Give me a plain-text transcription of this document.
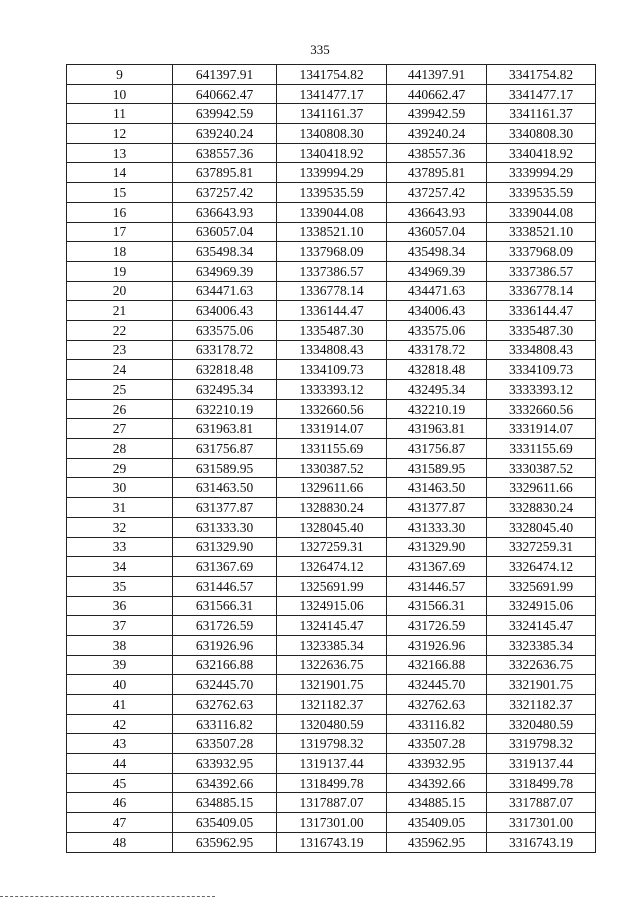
335
9	641397.91	1341754.82	441397.91	3341754.82
10	640662.47	1341477.17	440662.47	3341477.17
11	639942.59	1341161.37	439942.59	3341161.37
12	639240.24	1340808.30	439240.24	3340808.30
13	638557.36	1340418.92	438557.36	3340418.92
14	637895.81	1339994.29	437895.81	3339994.29
15	637257.42	1339535.59	437257.42	3339535.59
16	636643.93	1339044.08	436643.93	3339044.08
17	636057.04	1338521.10	436057.04	3338521.10
18	635498.34	1337968.09	435498.34	3337968.09
19	634969.39	1337386.57	434969.39	3337386.57
20	634471.63	1336778.14	434471.63	3336778.14
21	634006.43	1336144.47	434006.43	3336144.47
22	633575.06	1335487.30	433575.06	3335487.30
23	633178.72	1334808.43	433178.72	3334808.43
24	632818.48	1334109.73	432818.48	3334109.73
25	632495.34	1333393.12	432495.34	3333393.12
26	632210.19	1332660.56	432210.19	3332660.56
27	631963.81	1331914.07	431963.81	3331914.07
28	631756.87	1331155.69	431756.87	3331155.69
29	631589.95	1330387.52	431589.95	3330387.52
30	631463.50	1329611.66	431463.50	3329611.66
31	631377.87	1328830.24	431377.87	3328830.24
32	631333.30	1328045.40	431333.30	3328045.40
33	631329.90	1327259.31	431329.90	3327259.31
34	631367.69	1326474.12	431367.69	3326474.12
35	631446.57	1325691.99	431446.57	3325691.99
36	631566.31	1324915.06	431566.31	3324915.06
37	631726.59	1324145.47	431726.59	3324145.47
38	631926.96	1323385.34	431926.96	3323385.34
39	632166.88	1322636.75	432166.88	3322636.75
40	632445.70	1321901.75	432445.70	3321901.75
41	632762.63	1321182.37	432762.63	3321182.37
42	633116.82	1320480.59	433116.82	3320480.59
43	633507.28	1319798.32	433507.28	3319798.32
44	633932.95	1319137.44	433932.95	3319137.44
45	634392.66	1318499.78	434392.66	3318499.78
46	634885.15	1317887.07	434885.15	3317887.07
47	635409.05	1317301.00	435409.05	3317301.00
48	635962.95	1316743.19	435962.95	3316743.19
